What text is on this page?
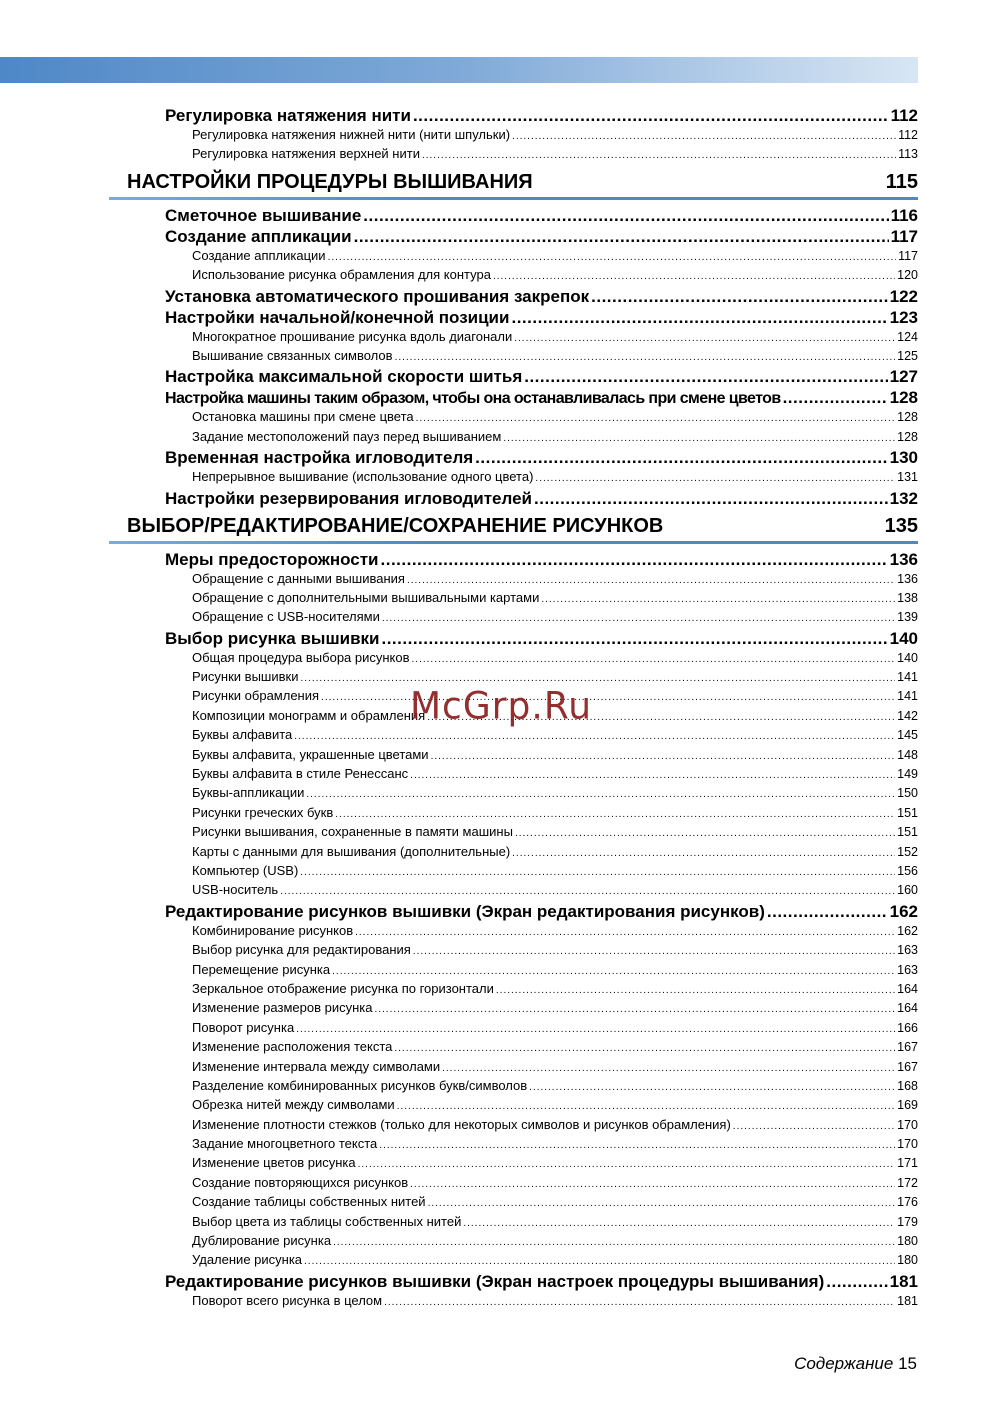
Регулировка натяжения нити .....	112
Регулировка натяжения нижней нити (нити шпульки) .....	112
Регулировка натяжения верхней нити .....	113
НАСТРОЙКИ ПРОЦЕДУРЫ ВЫШИВАНИЯ	115
Сметочное вышивание .....	116
Создание аппликации .....	117
Создание аппликации .....	117
Использование рисунка обрамления для контура .....	120
Установка автоматического прошивания закрепок .....	122
Настройки начальной/конечной позиции .....	123
Многократное прошивание рисунка вдоль диагонали .....	124
Вышивание связанных символов .....	125
Настройка максимальной скорости шитья .....	127
Настройка машины таким образом, чтобы она останавливалась при смене цветов .....	128
Остановка машины при смене цвета .....	128
Задание местоположений пауз перед вышиванием .....	128
Временная настройка игловодителя .....	130
Непрерывное вышивание (использование одного цвета) .....	131
Настройки резервирования игловодителей .....	132
ВЫБОР/РЕДАКТИРОВАНИЕ/СОХРАНЕНИЕ РИСУНКОВ	135
Меры предосторожности .....	136
Обращение с данными вышивания .....	136
Обращение с дополнительными вышивальными картами .....	138
Обращение с USB-носителями .....	139
Выбор рисунка вышивки .....	140
Общая процедура выбора рисунков .....	140
Рисунки вышивки .....	141
Рисунки обрамления .....	141
Композиции монограмм и обрамления .....	142
Буквы алфавита .....	145
Буквы алфавита, украшенные цветами .....	148
Буквы алфавита в стиле Ренессанс .....	149
Буквы-аппликации .....	150
Рисунки греческих букв .....	151
Рисунки вышивания, сохраненные в памяти машины .....	151
Карты с данными для вышивания (дополнительные) .....	152
Компьютер (USB) .....	156
USB-носитель .....	160
Редактирование рисунков вышивки (Экран редактирования рисунков) .....	162
Комбинирование рисунков .....	162
Выбор рисунка для редактирования .....	163
Перемещение рисунка .....	163
Зеркальное отображение рисунка по горизонтали .....	164
Изменение размеров рисунка .....	164
Поворот рисунка .....	166
Изменение расположения текста .....	167
Изменение интервала между символами .....	167
Разделение комбинированных рисунков букв/символов .....	168
Обрезка нитей между символами .....	169
Изменение плотности стежков (только для некоторых символов и рисунков обрамления) .....	170
Задание многоцветного текста .....	170
Изменение цветов рисунка .....	171
Создание повторяющихся рисунков .....	172
Создание таблицы собственных нитей .....	176
Выбор цвета из таблицы собственных нитей .....	179
Дублирование рисунка .....	180
Удаление рисунка .....	180
Редактирование рисунков вышивки (Экран настроек процедуры вышивания) .....	181
Поворот всего рисунка в целом .....	181
McGrp.Ru
Содержание 15
